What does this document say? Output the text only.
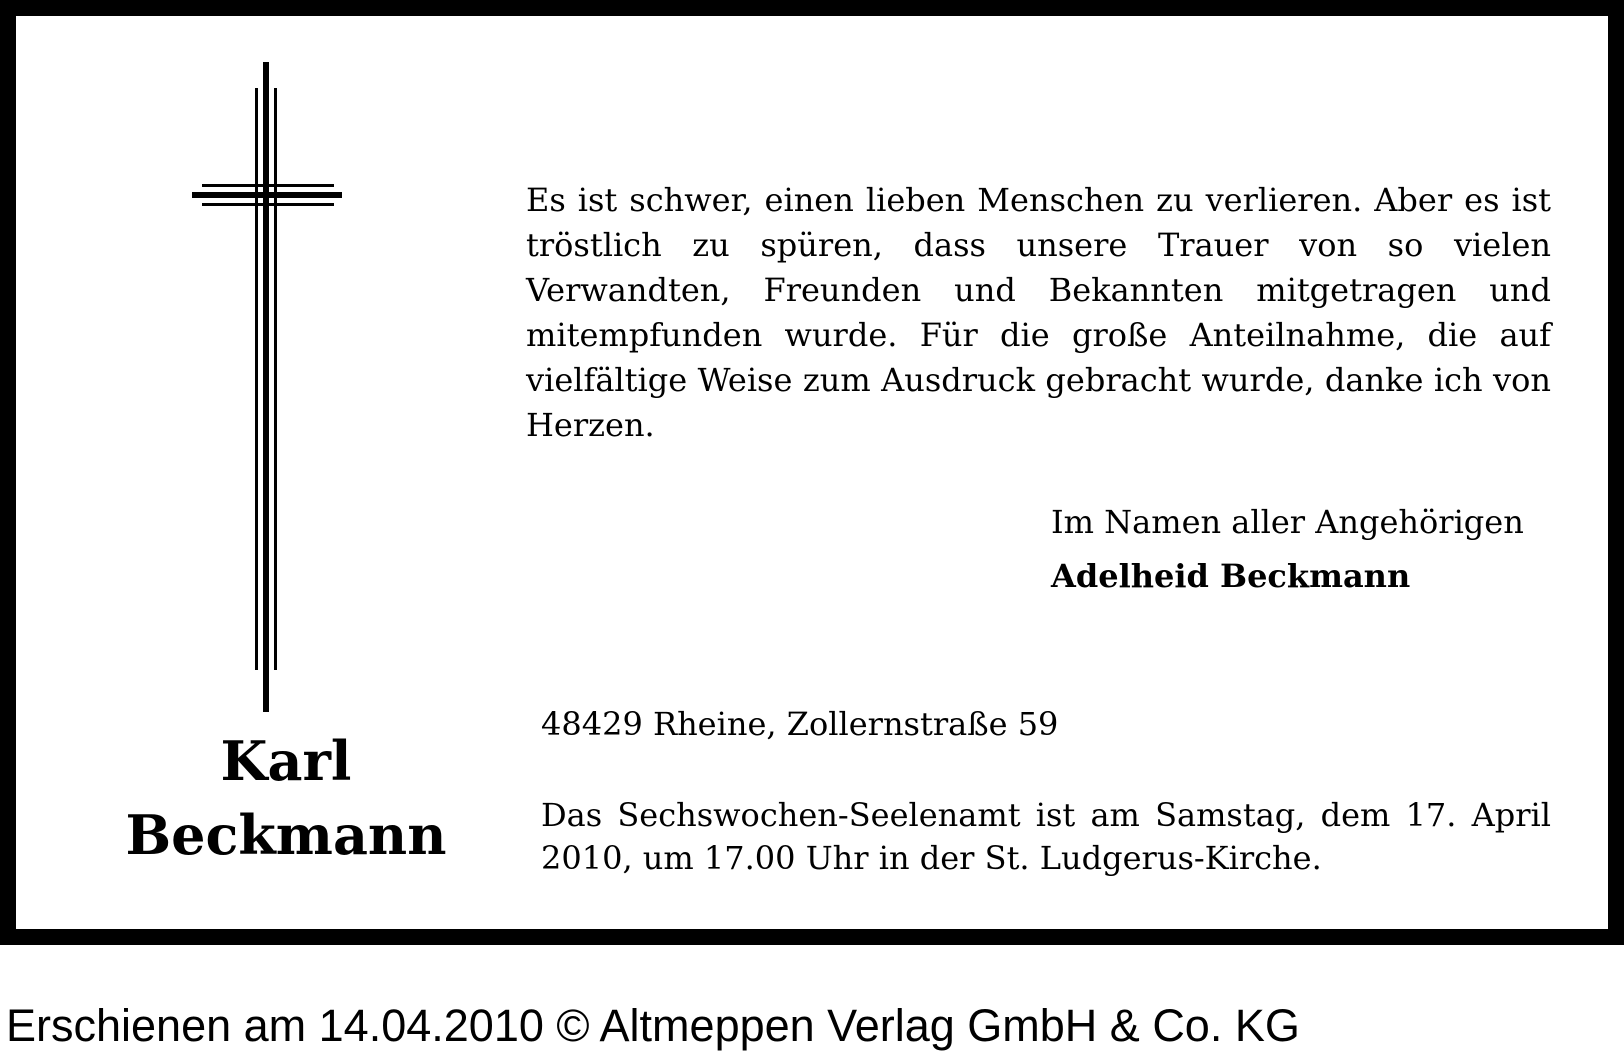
Karl
Beckmann

Es ist schwer, einen lieben Menschen zu verlieren. Aber es ist tröstlich zu spüren, dass unsere Trauer von so vielen Verwandten, Freunden und Bekannten mitgetragen und mitempfunden wurde. Für die große Anteilnahme, die auf vielfältige Weise zum Ausdruck gebracht wurde, danke ich von Herzen.

Im Namen aller Angehörigen

Adelheid Beckmann

48429 Rheine, Zollernstraße 59

Das Sechswochen-Seelenamt ist am Samstag, dem 17. April 2010, um 17.00 Uhr in der St. Ludgerus-Kirche.

Erschienen am 14.04.2010 © Altmeppen Verlag GmbH & Co. KG
